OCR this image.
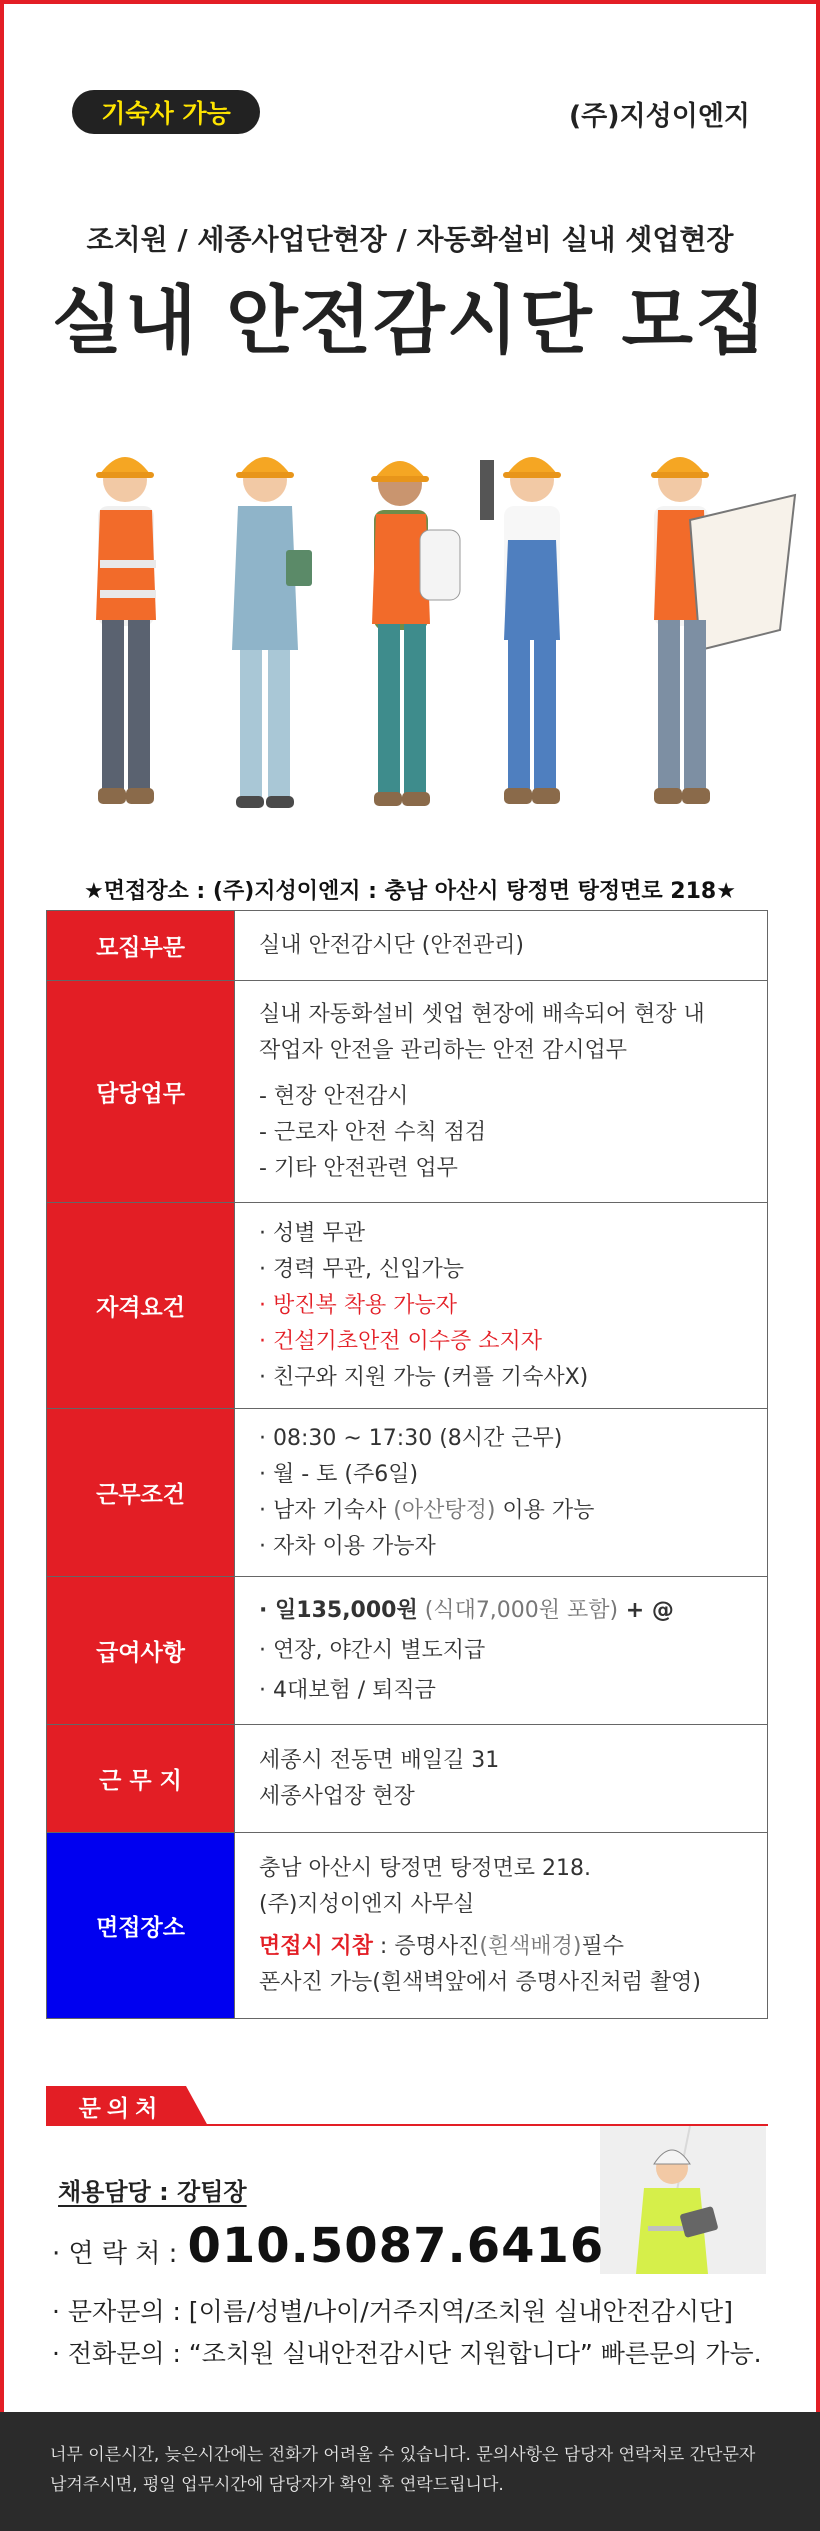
기숙사 가능	(주)지성이엔지
조치원 / 세종사업단현장 / 자동화설비 실내 셋업현장
실내 안전감시단 모집
★면접장소 : (주)지성이엔지 : 충남 아산시 탕정면 탕정면로 218★
모집부문	실내 안전감시단 (안전관리)
담당업무	실내 자동화설비 셋업 현장에 배속되어 현장 내
작업자 안전을 관리하는 안전 감시업무
- 현장 안전감시
- 근로자 안전 수칙 점검
- 기타 안전관련 업무

자격요건	· 성별 무관
· 경력 무관, 신입가능
· 방진복 착용 가능자
· 건설기초안전 이수증 소지자
· 친구와 지원 가능 (커플 기숙사X)

근무조건	· 08:30 ~ 17:30 (8시간 근무)
· 월 - 토 (주6일)
· 남자 기숙사 (아산탕정) 이용 가능
· 자차 이용 가능자

급여사항	· 일135,000원 (식대7,000원 포함) + @
· 연장, 야간시 별도지급
· 4대보험 / 퇴직금

근 무 지	세종시 전동면 배일길 31
세종사업장 현장

면접장소	충남 아산시 탕정면 탕정면로 218.
(주)지성이엔지 사무실
면접시 지참 : 증명사진(흰색배경)필수
폰사진 가능(흰색벽앞에서 증명사진처럼 촬영)
문의처
채용담당 : 강팀장
· 연 락 처 : 010.5087.6416
· 문자문의 : [이름/성별/나이/거주지역/조치원 실내안전감시단]
· 전화문의 : “조치원 실내안전감시단 지원합니다” 빠른문의 가능.
너무 이른시간, 늦은시간에는 전화가 어려울 수 있습니다. 문의사항은 담당자 연락처로 간단문자
남겨주시면, 평일 업무시간에 담당자가 확인 후 연락드립니다.
